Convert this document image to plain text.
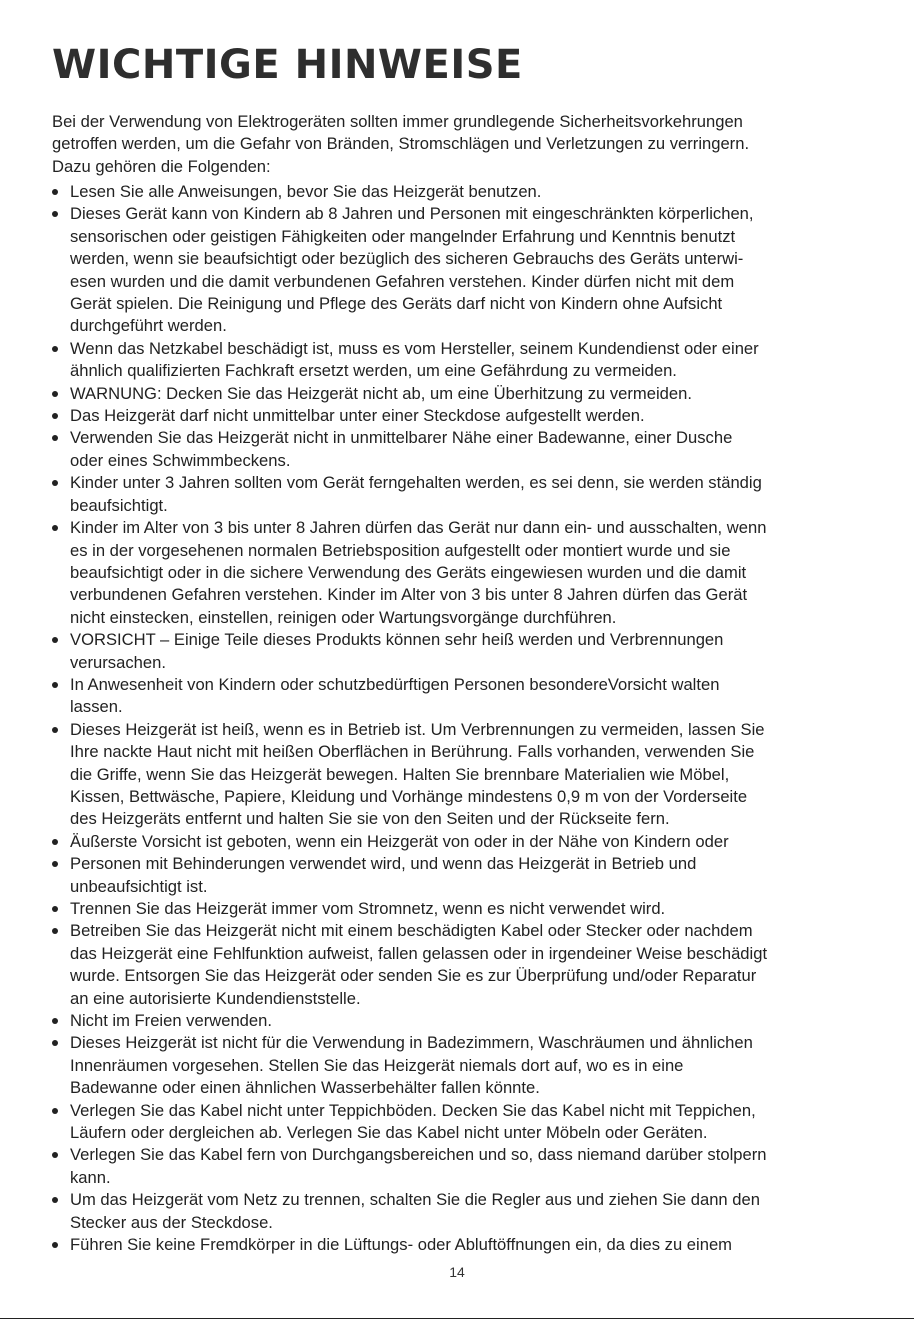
WICHTIGE HINWEISE

Bei der Verwendung von Elektrogeräten sollten immer grundlegende Sicherheitsvorkehrungen
getroffen werden, um die Gefahr von Bränden, Stromschlägen und Verletzungen zu verringern.
Dazu gehören die Folgenden:

Lesen Sie alle Anweisungen, bevor Sie das Heizgerät benutzen.
Dieses Gerät kann von Kindern ab 8 Jahren und Personen mit eingeschränkten körperlichen,
sensorischen oder geistigen Fähigkeiten oder mangelnder Erfahrung und Kenntnis benutzt
werden, wenn sie beaufsichtigt oder bezüglich des sicheren Gebrauchs des Geräts unterwi-
esen wurden und die damit verbundenen Gefahren verstehen. Kinder dürfen nicht mit dem
Gerät spielen. Die Reinigung und Pflege des Geräts darf nicht von Kindern ohne Aufsicht
durchgeführt werden.
Wenn das Netzkabel beschädigt ist, muss es vom Hersteller, seinem Kundendienst oder einer
ähnlich qualifizierten Fachkraft ersetzt werden, um eine Gefährdung zu vermeiden.
WARNUNG: Decken Sie das Heizgerät nicht ab, um eine Überhitzung zu vermeiden.
Das Heizgerät darf nicht unmittelbar unter einer Steckdose aufgestellt werden.
Verwenden Sie das Heizgerät nicht in unmittelbarer Nähe einer Badewanne, einer Dusche
oder eines Schwimmbeckens.
Kinder unter 3 Jahren sollten vom Gerät ferngehalten werden, es sei denn, sie werden ständig
beaufsichtigt.
Kinder im Alter von 3 bis unter 8 Jahren dürfen das Gerät nur dann ein- und ausschalten, wenn
es in der vorgesehenen normalen Betriebsposition aufgestellt oder montiert wurde und sie
beaufsichtigt oder in die sichere Verwendung des Geräts eingewiesen wurden und die damit
verbundenen Gefahren verstehen. Kinder im Alter von 3 bis unter 8 Jahren dürfen das Gerät
nicht einstecken, einstellen, reinigen oder Wartungsvorgänge durchführen.
VORSICHT – Einige Teile dieses Produkts können sehr heiß werden und Verbrennungen
verursachen.
In Anwesenheit von Kindern oder schutzbedürftigen Personen besondereVorsicht walten
lassen.
Dieses Heizgerät ist heiß, wenn es in Betrieb ist. Um Verbrennungen zu vermeiden, lassen Sie
Ihre nackte Haut nicht mit heißen Oberflächen in Berührung. Falls vorhanden, verwenden Sie
die Griffe, wenn Sie das Heizgerät bewegen. Halten Sie brennbare Materialien wie Möbel,
Kissen, Bettwäsche, Papiere, Kleidung und Vorhänge mindestens 0,9 m von der Vorderseite
des Heizgeräts entfernt und halten Sie sie von den Seiten und der Rückseite fern.
Äußerste Vorsicht ist geboten, wenn ein Heizgerät von oder in der Nähe von Kindern oder
Personen mit Behinderungen verwendet wird, und wenn das Heizgerät in Betrieb und
unbeaufsichtigt ist.
Trennen Sie das Heizgerät immer vom Stromnetz, wenn es nicht verwendet wird.
Betreiben Sie das Heizgerät nicht mit einem beschädigten Kabel oder Stecker oder nachdem
das Heizgerät eine Fehlfunktion aufweist, fallen gelassen oder in irgendeiner Weise beschädigt
wurde. Entsorgen Sie das Heizgerät oder senden Sie es zur Überprüfung und/oder Reparatur
an eine autorisierte Kundendienststelle.
Nicht im Freien verwenden.
Dieses Heizgerät ist nicht für die Verwendung in Badezimmern, Waschräumen und ähnlichen
Innenräumen vorgesehen. Stellen Sie das Heizgerät niemals dort auf, wo es in eine
Badewanne oder einen ähnlichen Wasserbehälter fallen könnte.
Verlegen Sie das Kabel nicht unter Teppichböden. Decken Sie das Kabel nicht mit Teppichen,
Läufern oder dergleichen ab. Verlegen Sie das Kabel nicht unter Möbeln oder Geräten.
Verlegen Sie das Kabel fern von Durchgangsbereichen und so, dass niemand darüber stolpern
kann.
Um das Heizgerät vom Netz zu trennen, schalten Sie die Regler aus und ziehen Sie dann den
Stecker aus der Steckdose.
Führen Sie keine Fremdkörper in die Lüftungs- oder Abluftöffnungen ein, da dies zu einem
14
